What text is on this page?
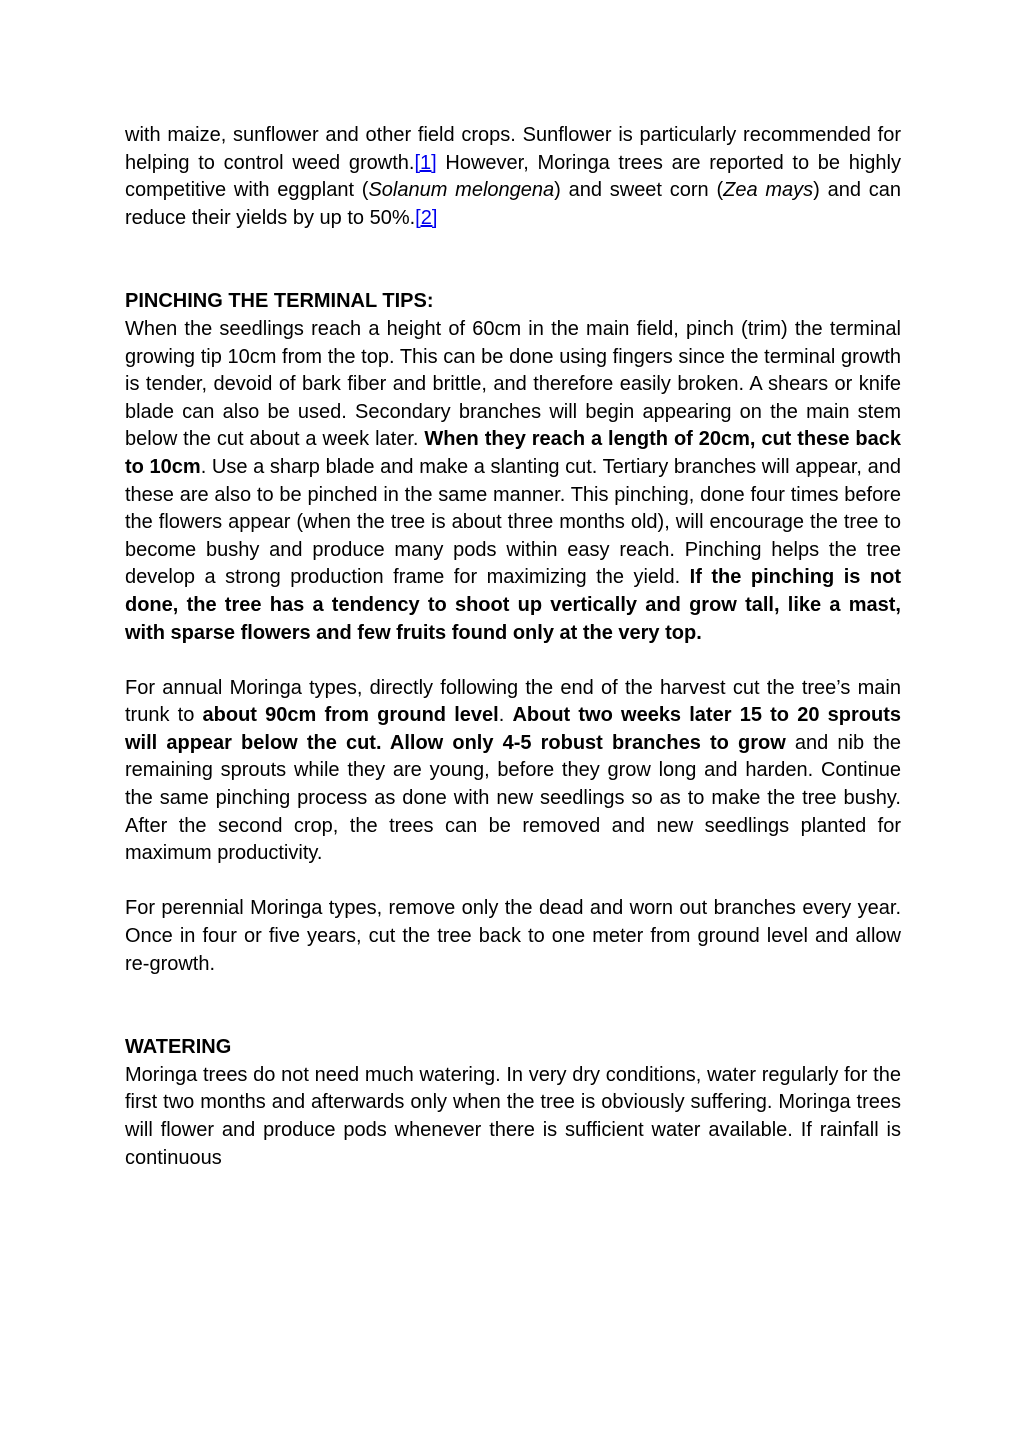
with maize, sunflower and other field crops. Sunflower is particularly recommended for helping to control weed growth.[1] However, Moringa trees are reported to be highly competitive with eggplant (Solanum melongena) and sweet corn (Zea mays) and can reduce their yields by up to 50%.[2]

PINCHING THE TERMINAL TIPS:

When the seedlings reach a height of 60cm in the main field, pinch (trim) the terminal growing tip 10cm from the top. This can be done using fingers since the terminal growth is tender, devoid of bark fiber and brittle, and therefore easily broken. A shears or knife blade can also be used. Secondary branches will begin appearing on the main stem below the cut about a week later. When they reach a length of 20cm, cut these back to 10cm. Use a sharp blade and make a slanting cut. Tertiary branches will appear, and these are also to be pinched in the same manner. This pinching, done four times before the flowers appear (when the tree is about three months old), will encourage the tree to become bushy and produce many pods within easy reach. Pinching helps the tree develop a strong production frame for maximizing the yield. If the pinching is not done, the tree has a tendency to shoot up vertically and grow tall, like a mast, with sparse flowers and few fruits found only at the very top.

For annual Moringa types, directly following the end of the harvest cut the tree’s main trunk to about 90cm from ground level. About two weeks later 15 to 20 sprouts will appear below the cut. Allow only 4-5 robust branches to grow and nib the remaining sprouts while they are young, before they grow long and harden. Continue the same pinching process as done with new seedlings so as to make the tree bushy. After the second crop, the trees can be removed and new seedlings planted for maximum productivity.

For perennial Moringa types, remove only the dead and worn out branches every year. Once in four or five years, cut the tree back to one meter from ground level and allow re-growth.

WATERING

Moringa trees do not need much watering. In very dry conditions, water regularly for the first two months and afterwards only when the tree is obviously suffering. Moringa trees will flower and produce pods whenever there is sufficient water available. If rainfall is continuous
